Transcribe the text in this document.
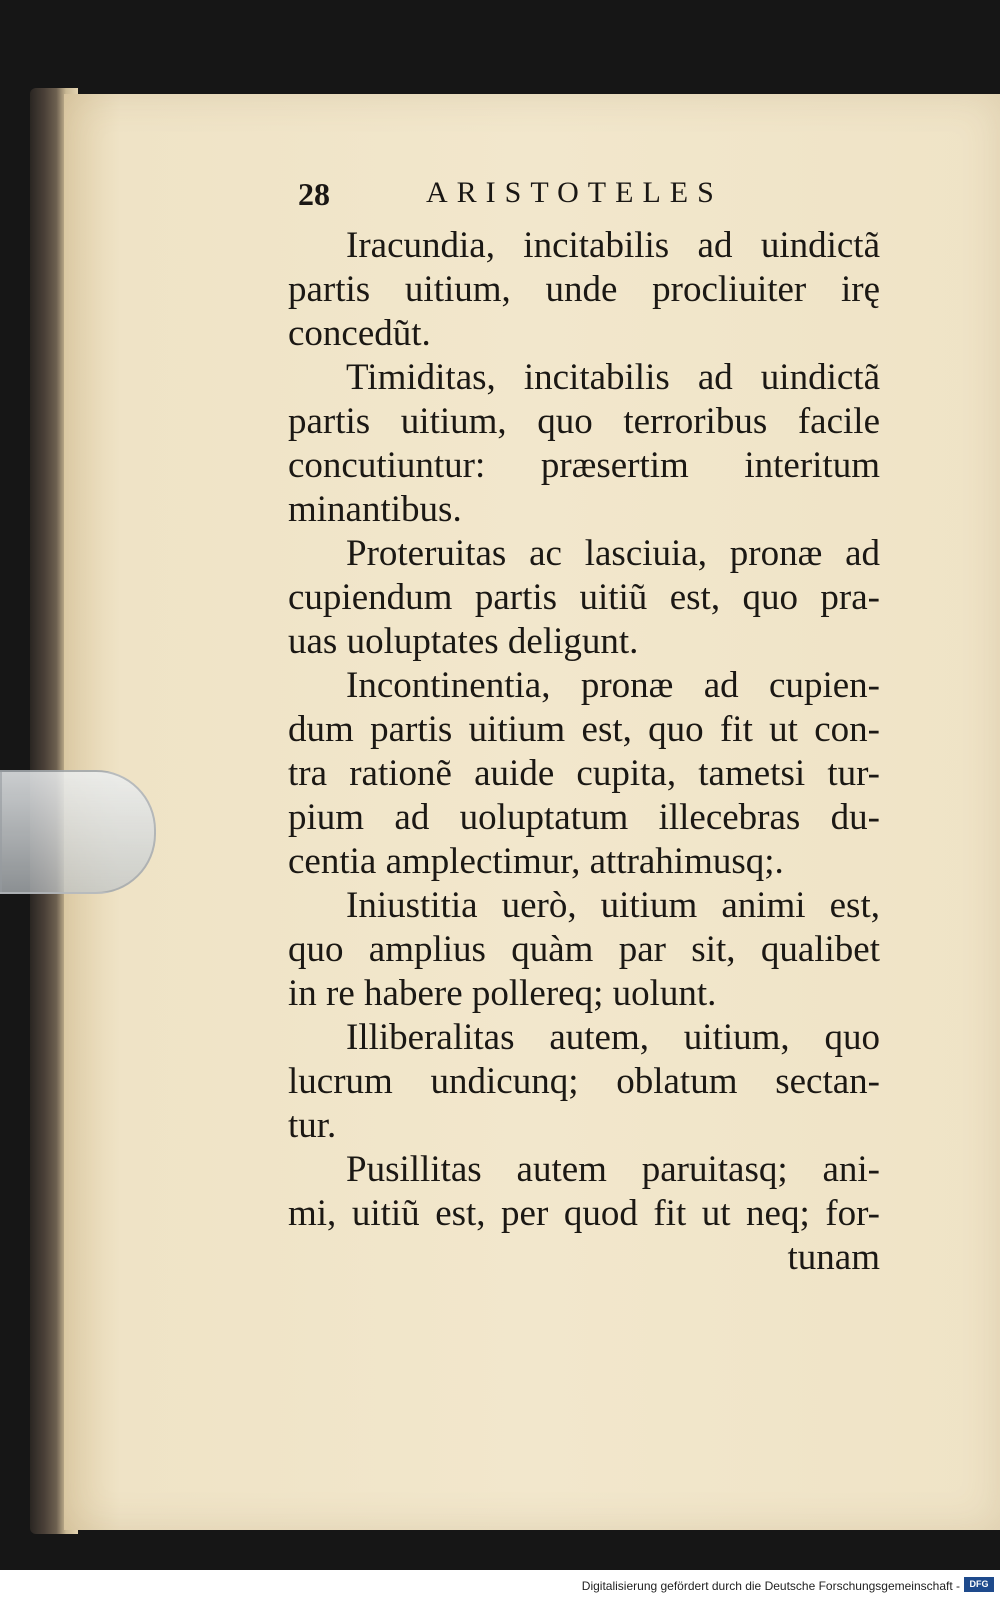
28	ARISTOTELES
Iracundia, incitabilis ad uindictã
partis uitium, unde procliuiter irę
concedũt.
Timiditas, incitabilis ad uindictã
partis uitium, quo terroribus facile
concutiuntur: præsertim interitum
minantibus.
Proteruitas ac lasciuia, pronæ ad
cupiendum partis uitiũ est, quo pra-
uas uoluptates deligunt.
Incontinentia, pronæ ad cupien-
dum partis uitium est, quo fit ut con-
tra rationẽ auide cupita, tametsi tur-
pium ad uoluptatum illecebras du-
centia amplectimur, attrahimusq;.
Iniustitia uerò, uitium animi est,
quo amplius quàm par sit, qualibet
in re habere pollereq; uolunt.
Illiberalitas autem, uitium, quo
lucrum undicunq; oblatum sectan-
tur.
Pusillitas autem paruitasq; ani-
mi, uitiũ est, per quod fit ut neq; for-
tunam
Digitalisierung gefördert durch die Deutsche Forschungsgemeinschaft -	DFG
